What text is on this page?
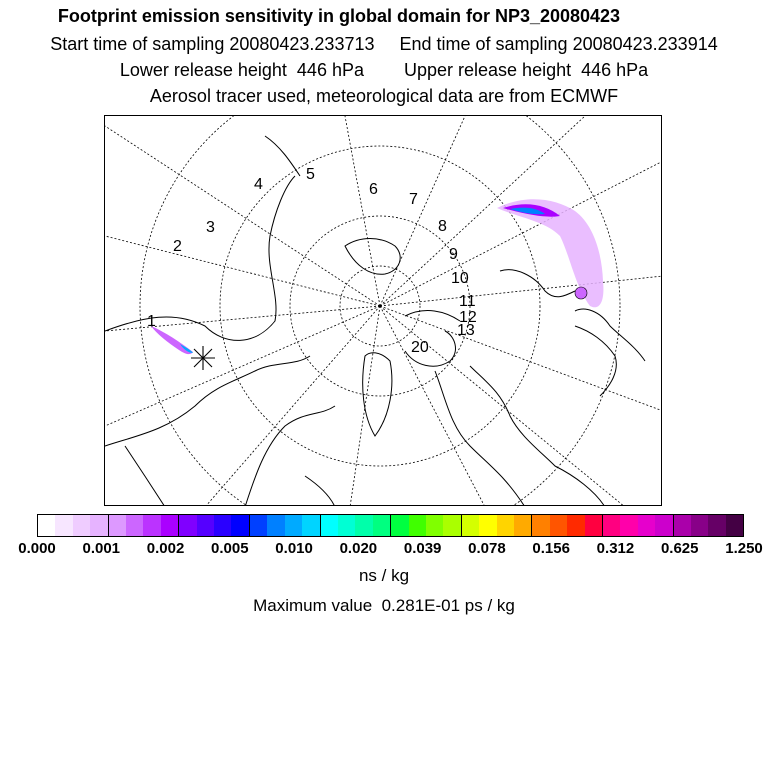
Footprint emission sensitivity in global domain for NP3_20080423
Start time of sampling 20080423.233713     End time of sampling 20080423.233914
Lower release height  446 hPa        Upper release height  446 hPa
Aerosol tracer used, meteorological data are from ECMWF
1
2
3
4
5
6
7
8
9
10
11
12
13
20
0.000 0.001 0.002 0.005 0.010 0.020 0.039 0.078 0.156 0.312 0.625 1.250
ns / kg
Maximum value  0.281E-01 ps / kg
